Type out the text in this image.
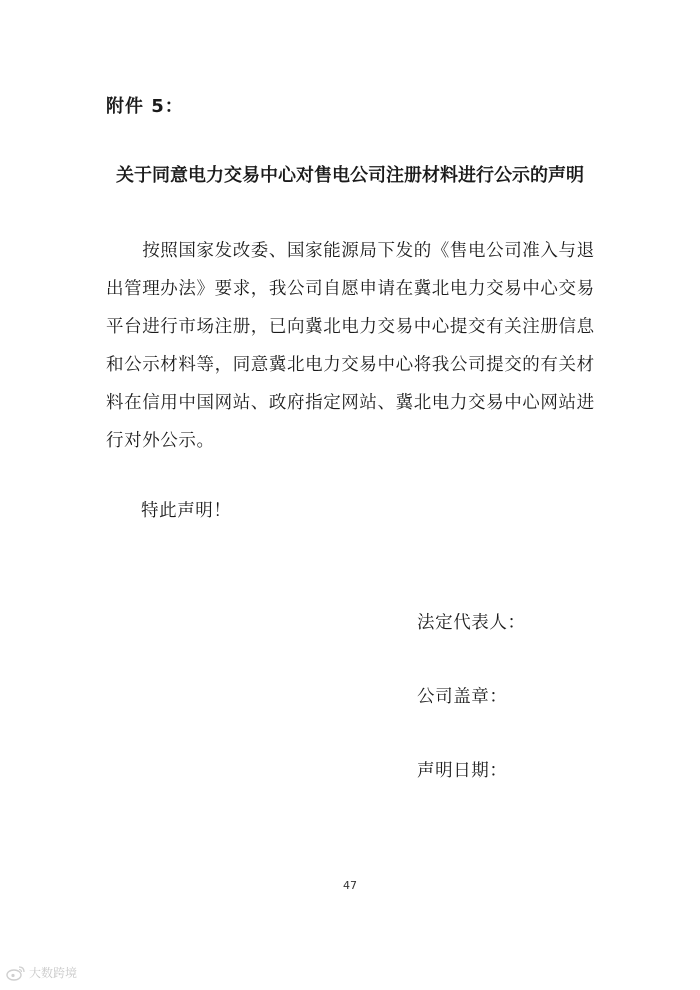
附件 5：
关于同意电力交易中心对售电公司注册材料进行公示的声明
　　按照国家发改委、国家能源局下发的《售电公司准入与退
出管理办法》要求，我公司自愿申请在冀北电力交易中心交易
平台进行市场注册，已向冀北电力交易中心提交有关注册信息
和公示材料等，同意冀北电力交易中心将我公司提交的有关材
料在信用中国网站、政府指定网站、冀北电力交易中心网站进
行对外公示。
特此声明！
法定代表人：
公司盖章：
声明日期：
47
大数跨境
